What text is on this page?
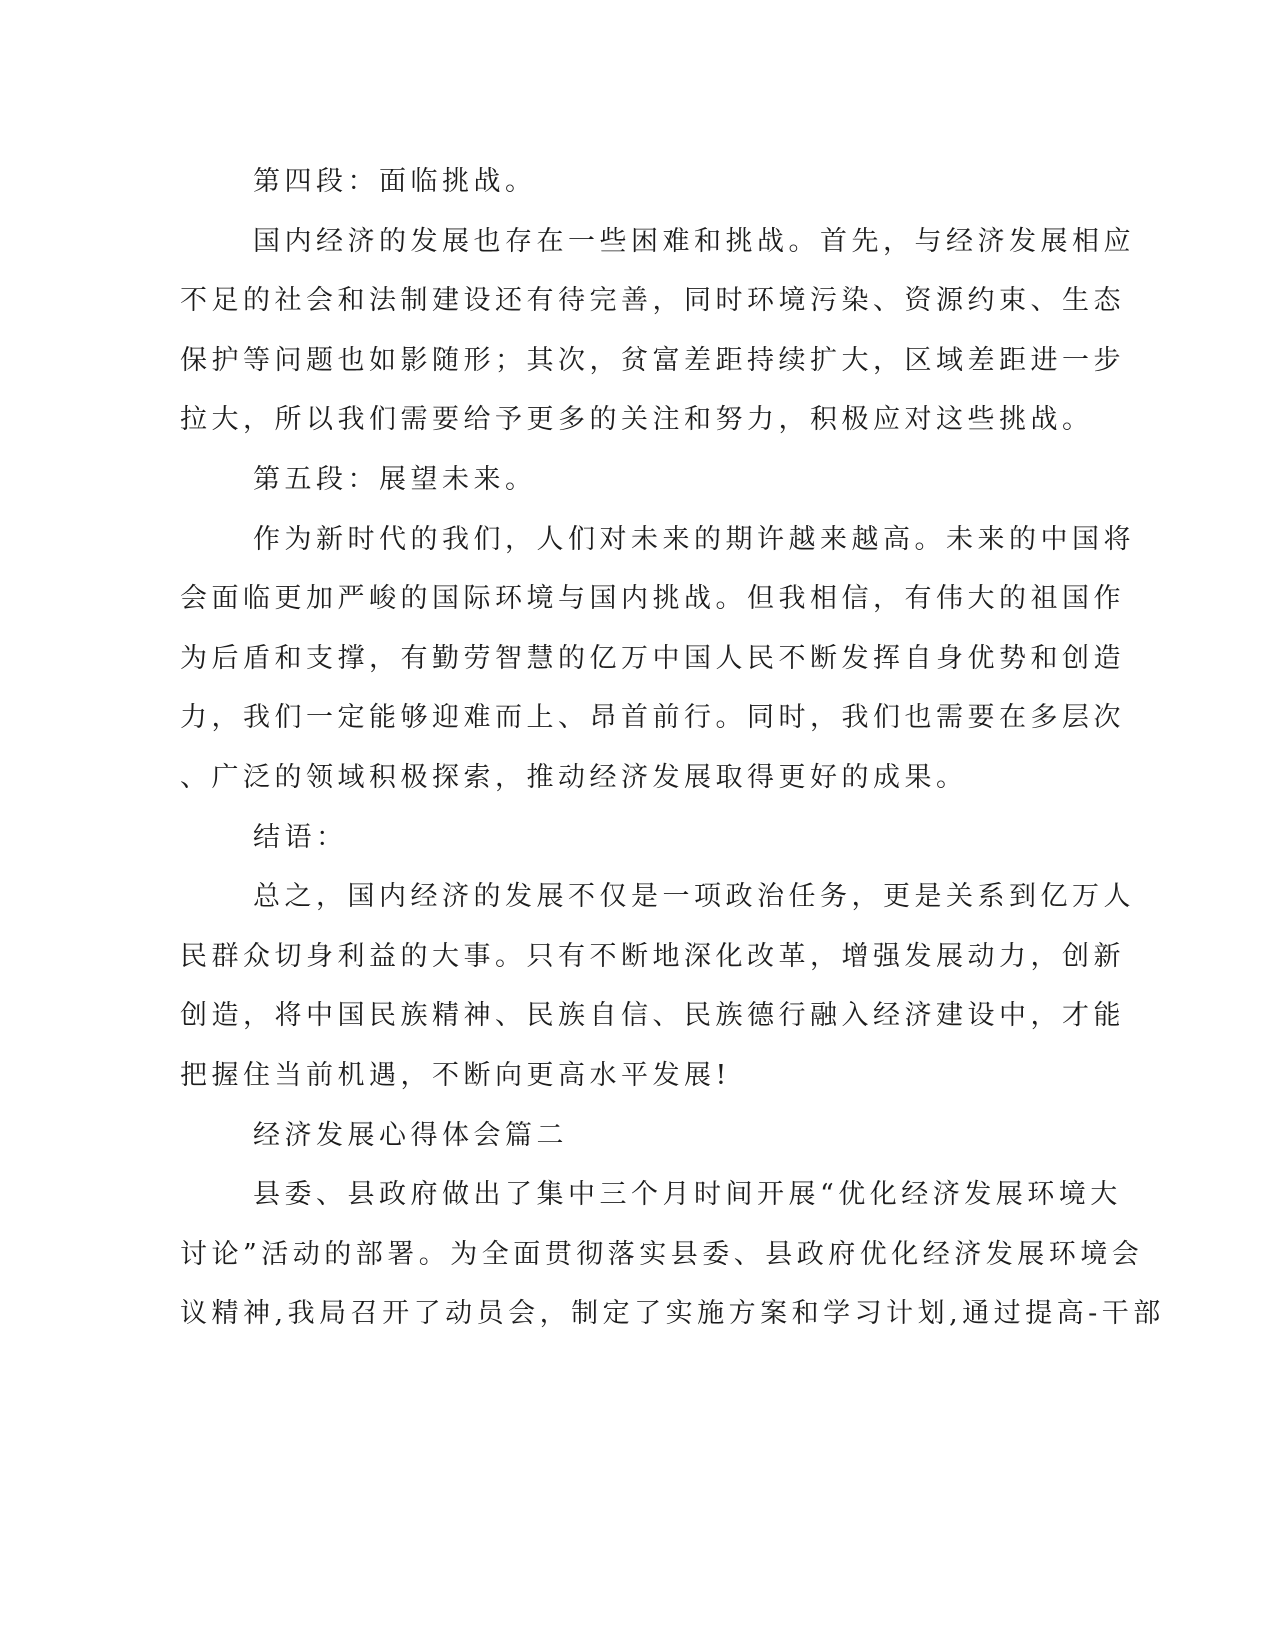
第四段：面临挑战。
国内经济的发展也存在一些困难和挑战。首先，与经济发展相应
不足的社会和法制建设还有待完善，同时环境污染、资源约束、生态
保护等问题也如影随形；其次，贫富差距持续扩大，区域差距进一步
拉大，所以我们需要给予更多的关注和努力，积极应对这些挑战。
第五段：展望未来。
作为新时代的我们，人们对未来的期许越来越高。未来的中国将
会面临更加严峻的国际环境与国内挑战。但我相信，有伟大的祖国作
为后盾和支撑，有勤劳智慧的亿万中国人民不断发挥自身优势和创造
力，我们一定能够迎难而上、昂首前行。同时，我们也需要在多层次
、广泛的领域积极探索，推动经济发展取得更好的成果。
结语：
总之，国内经济的发展不仅是一项政治任务，更是关系到亿万人
民群众切身利益的大事。只有不断地深化改革，增强发展动力，创新
创造，将中国民族精神、民族自信、民族德行融入经济建设中，才能
把握住当前机遇，不断向更高水平发展!
经济发展心得体会篇二
县委、县政府做出了集中三个月时间开展“优化经济发展环境大
讨论”活动的部署。为全面贯彻落实县委、县政府优化经济发展环境会
议精神,我局召开了动员会，制定了实施方案和学习计划,通过提高-干部
